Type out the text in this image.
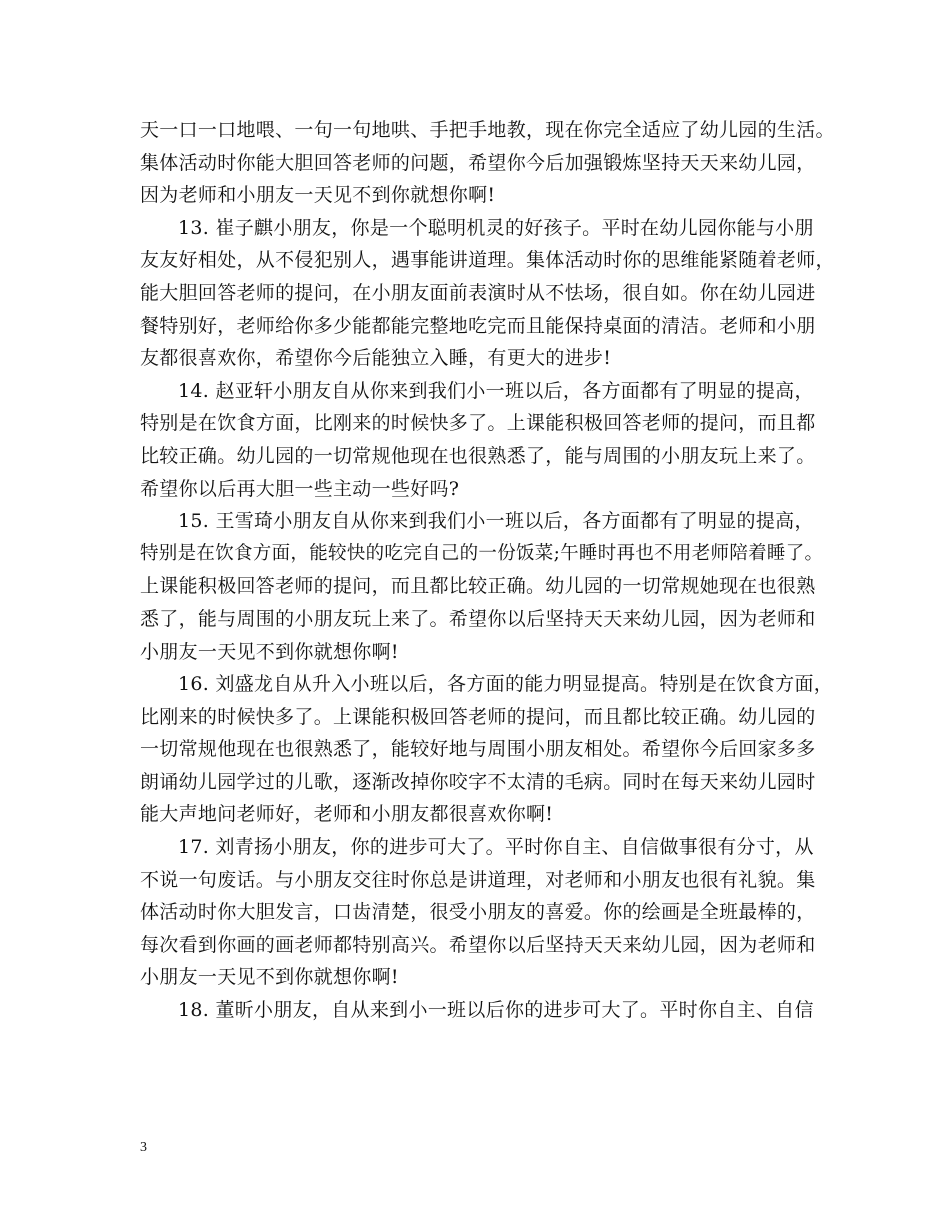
天一口一口地喂、一句一句地哄、手把手地教，现在你完全适应了幼儿园的生活。
集体活动时你能大胆回答老师的问题，希望你今后加强锻炼坚持天天来幼儿园，
因为老师和小朋友一天见不到你就想你啊!
13. 崔子麒小朋友，你是一个聪明机灵的好孩子。平时在幼儿园你能与小朋
友友好相处，从不侵犯别人，遇事能讲道理。集体活动时你的思维能紧随着老师，
能大胆回答老师的提问，在小朋友面前表演时从不怯场，很自如。你在幼儿园进
餐特别好，老师给你多少能都能完整地吃完而且能保持桌面的清洁。老师和小朋
友都很喜欢你，希望你今后能独立入睡，有更大的进步!
14. 赵亚轩小朋友自从你来到我们小一班以后，各方面都有了明显的提高，
特别是在饮食方面，比刚来的时候快多了。上课能积极回答老师的提问，而且都
比较正确。幼儿园的一切常规他现在也很熟悉了，能与周围的小朋友玩上来了。
希望你以后再大胆一些主动一些好吗?
15. 王雪琦小朋友自从你来到我们小一班以后，各方面都有了明显的提高，
特别是在饮食方面，能较快的吃完自己的一份饭菜;午睡时再也不用老师陪着睡了。
上课能积极回答老师的提问，而且都比较正确。幼儿园的一切常规她现在也很熟
悉了，能与周围的小朋友玩上来了。希望你以后坚持天天来幼儿园，因为老师和
小朋友一天见不到你就想你啊!
16. 刘盛龙自从升入小班以后，各方面的能力明显提高。特别是在饮食方面，
比刚来的时候快多了。上课能积极回答老师的提问，而且都比较正确。幼儿园的
一切常规他现在也很熟悉了，能较好地与周围小朋友相处。希望你今后回家多多
朗诵幼儿园学过的儿歌，逐渐改掉你咬字不太清的毛病。同时在每天来幼儿园时
能大声地问老师好，老师和小朋友都很喜欢你啊!
17. 刘青扬小朋友，你的进步可大了。平时你自主、自信做事很有分寸，从
不说一句废话。与小朋友交往时你总是讲道理，对老师和小朋友也很有礼貌。集
体活动时你大胆发言，口齿清楚，很受小朋友的喜爱。你的绘画是全班最棒的，
每次看到你画的画老师都特别高兴。希望你以后坚持天天来幼儿园，因为老师和
小朋友一天见不到你就想你啊!
18. 董昕小朋友，自从来到小一班以后你的进步可大了。平时你自主、自信
3
